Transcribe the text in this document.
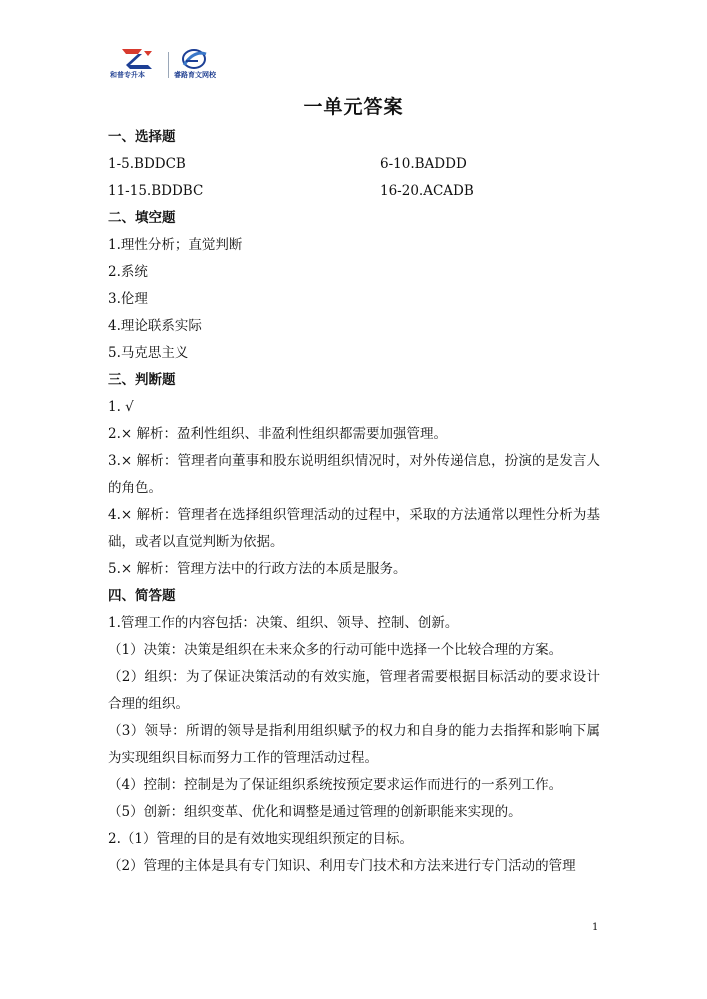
和普专升本	睿路育文网校
一单元答案
一、选择题
1-5.BDDCB	6-10.BADDD
11-15.BDDBC	16-20.ACADB
二、填空题
1.理性分析；直觉判断
2.系统
3.伦理
4.理论联系实际
5.马克思主义
三、判断题
1. √
2.× 解析：盈利性组织、非盈利性组织都需要加强管理。
3.× 解析：管理者向董事和股东说明组织情况时，对外传递信息，扮演的是发言人的角色。
4.× 解析：管理者在选择组织管理活动的过程中，采取的方法通常以理性分析为基础，或者以直觉判断为依据。
5.× 解析：管理方法中的行政方法的本质是服务。
四、简答题
1.管理工作的内容包括：决策、组织、领导、控制、创新。
（1）决策：决策是组织在未来众多的行动可能中选择一个比较合理的方案。
（2）组织：为了保证决策活动的有效实施，管理者需要根据目标活动的要求设计合理的组织。
（3）领导：所谓的领导是指利用组织赋予的权力和自身的能力去指挥和影响下属为实现组织目标而努力工作的管理活动过程。
（4）控制：控制是为了保证组织系统按预定要求运作而进行的一系列工作。
（5）创新：组织变革、优化和调整是通过管理的创新职能来实现的。
2.（1）管理的目的是有效地实现组织预定的目标。
（2）管理的主体是具有专门知识、利用专门技术和方法来进行专门活动的管理
1
